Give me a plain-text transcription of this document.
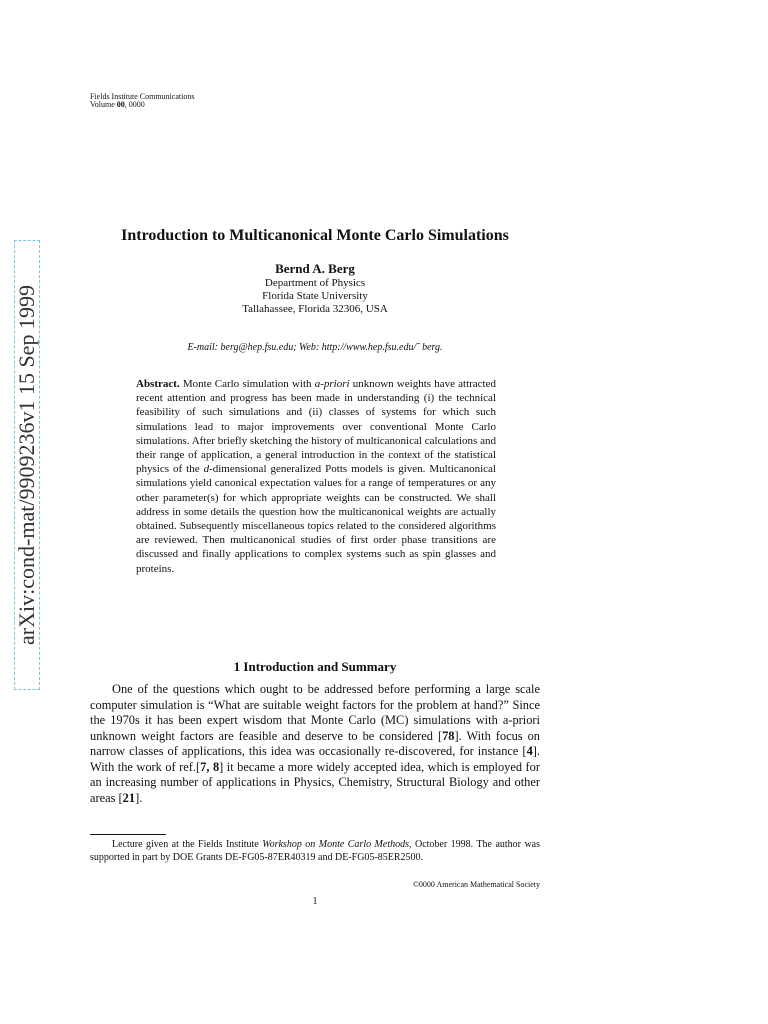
Fields Institute Communications
Volume 00, 0000
arXiv:cond-mat/9909236v1 15 Sep 1999
Introduction to Multicanonical Monte Carlo Simulations
Bernd A. Berg
Department of Physics
Florida State University
Tallahassee, Florida 32306, USA
E-mail: berg@hep.fsu.edu; Web: http://www.hep.fsu.edu/˜ berg.
Abstract. Monte Carlo simulation with a-priori unknown weights have attracted recent attention and progress has been made in understanding (i) the technical feasibility of such simulations and (ii) classes of systems for which such simulations lead to major improvements over conventional Monte Carlo simulations. After briefly sketching the history of multicanonical calculations and their range of application, a general introduction in the context of the statistical physics of the d-dimensional generalized Potts models is given. Multicanonical simulations yield canonical expectation values for a range of temperatures or any other parameter(s) for which appropriate weights can be constructed. We shall address in some details the question how the multicanonical weights are actually obtained. Subsequently miscellaneous topics related to the considered algorithms are reviewed. Then multicanonical studies of first order phase transitions are discussed and finally applications to complex systems such as spin glasses and proteins.
1 Introduction and Summary
One of the questions which ought to be addressed before performing a large scale computer simulation is “What are suitable weight factors for the problem at hand?” Since the 1970s it has been expert wisdom that Monte Carlo (MC) simulations with a-priori unknown weight factors are feasible and deserve to be considered [78]. With focus on narrow classes of applications, this idea was occasionally re-discovered, for instance [4]. With the work of ref.[7, 8] it became a more widely accepted idea, which is employed for an increasing number of applications in Physics, Chemistry, Structural Biology and other areas [21].
Lecture given at the Fields Institute Workshop on Monte Carlo Methods, October 1998. The author was supported in part by DOE Grants DE-FG05-87ER40319 and DE-FG05-85ER2500.
©0000 American Mathematical Society
1
